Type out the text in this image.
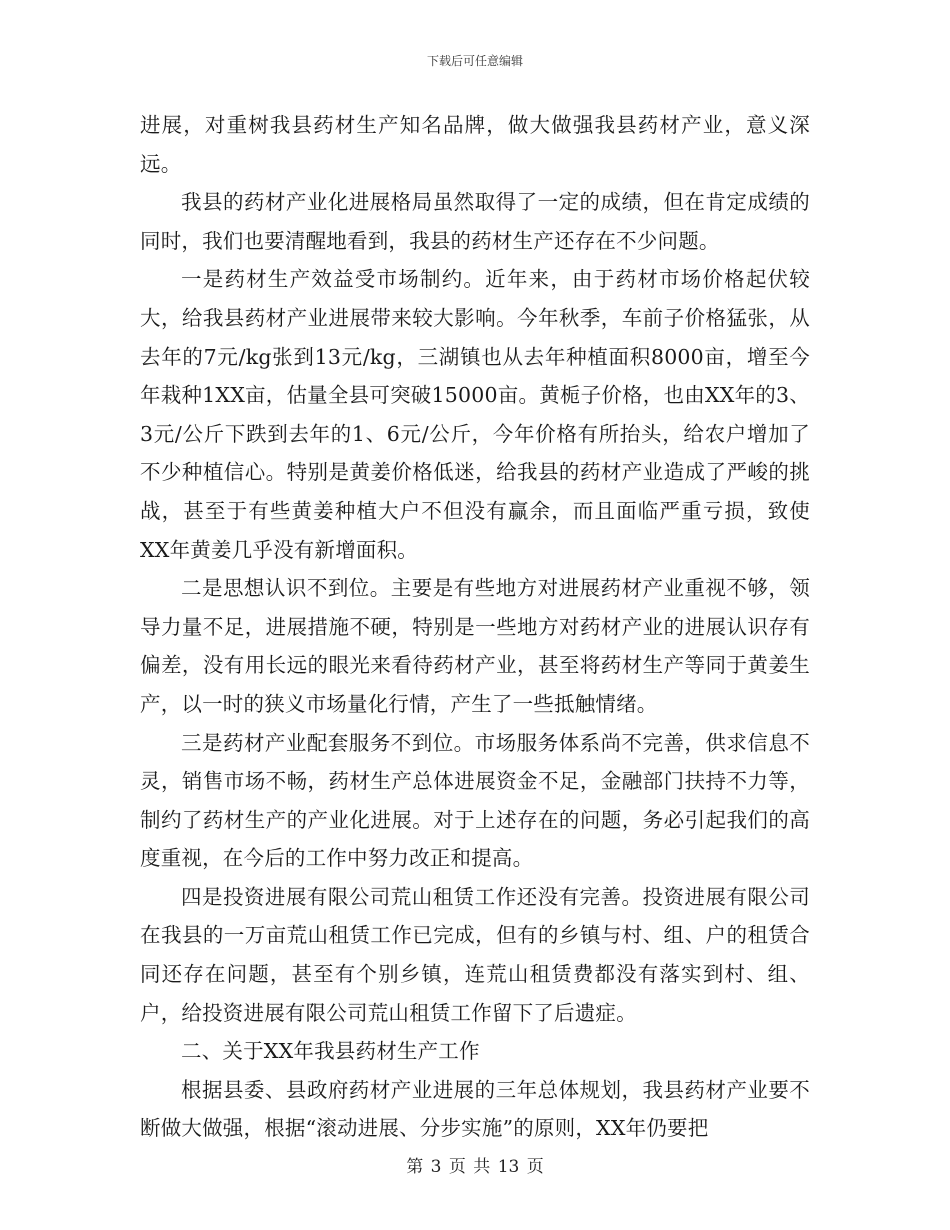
下载后可任意编辑

进展，对重树我县药材生产知名品牌，做大做强我县药材产业，意义深远。

我县的药材产业化进展格局虽然取得了一定的成绩，但在肯定成绩的同时，我们也要清醒地看到，我县的药材生产还存在不少问题。

一是药材生产效益受市场制约。近年来，由于药材市场价格起伏较大，给我县药材产业进展带来较大影响。今年秋季，车前子价格猛张，从去年的7元/kg张到13元/kg，三湖镇也从去年种植面积8000亩，增至今年栽种1XX亩，估量全县可突破15000亩。黄栀子价格，也由XX年的3、3元/公斤下跌到去年的1、6元/公斤，今年价格有所抬头，给农户增加了不少种植信心。特别是黄姜价格低迷，给我县的药材产业造成了严峻的挑战，甚至于有些黄姜种植大户不但没有赢余，而且面临严重亏损，致使XX年黄姜几乎没有新增面积。

二是思想认识不到位。主要是有些地方对进展药材产业重视不够，领导力量不足，进展措施不硬，特别是一些地方对药材产业的进展认识存有偏差，没有用长远的眼光来看待药材产业，甚至将药材生产等同于黄姜生产，以一时的狭义市场量化行情，产生了一些抵触情绪。

三是药材产业配套服务不到位。市场服务体系尚不完善，供求信息不灵，销售市场不畅，药材生产总体进展资金不足，金融部门扶持不力等，制约了药材生产的产业化进展。对于上述存在的问题，务必引起我们的高度重视，在今后的工作中努力改正和提高。

四是投资进展有限公司荒山租赁工作还没有完善。投资进展有限公司在我县的一万亩荒山租赁工作已完成，但有的乡镇与村、组、户的租赁合同还存在问题，甚至有个别乡镇，连荒山租赁费都没有落实到村、组、户，给投资进展有限公司荒山租赁工作留下了后遗症。

二、关于XX年我县药材生产工作

根据县委、县政府药材产业进展的三年总体规划，我县药材产业要不断做大做强，根据“滚动进展、分步实施”的原则，XX年仍要把

第 3 页 共 13 页
